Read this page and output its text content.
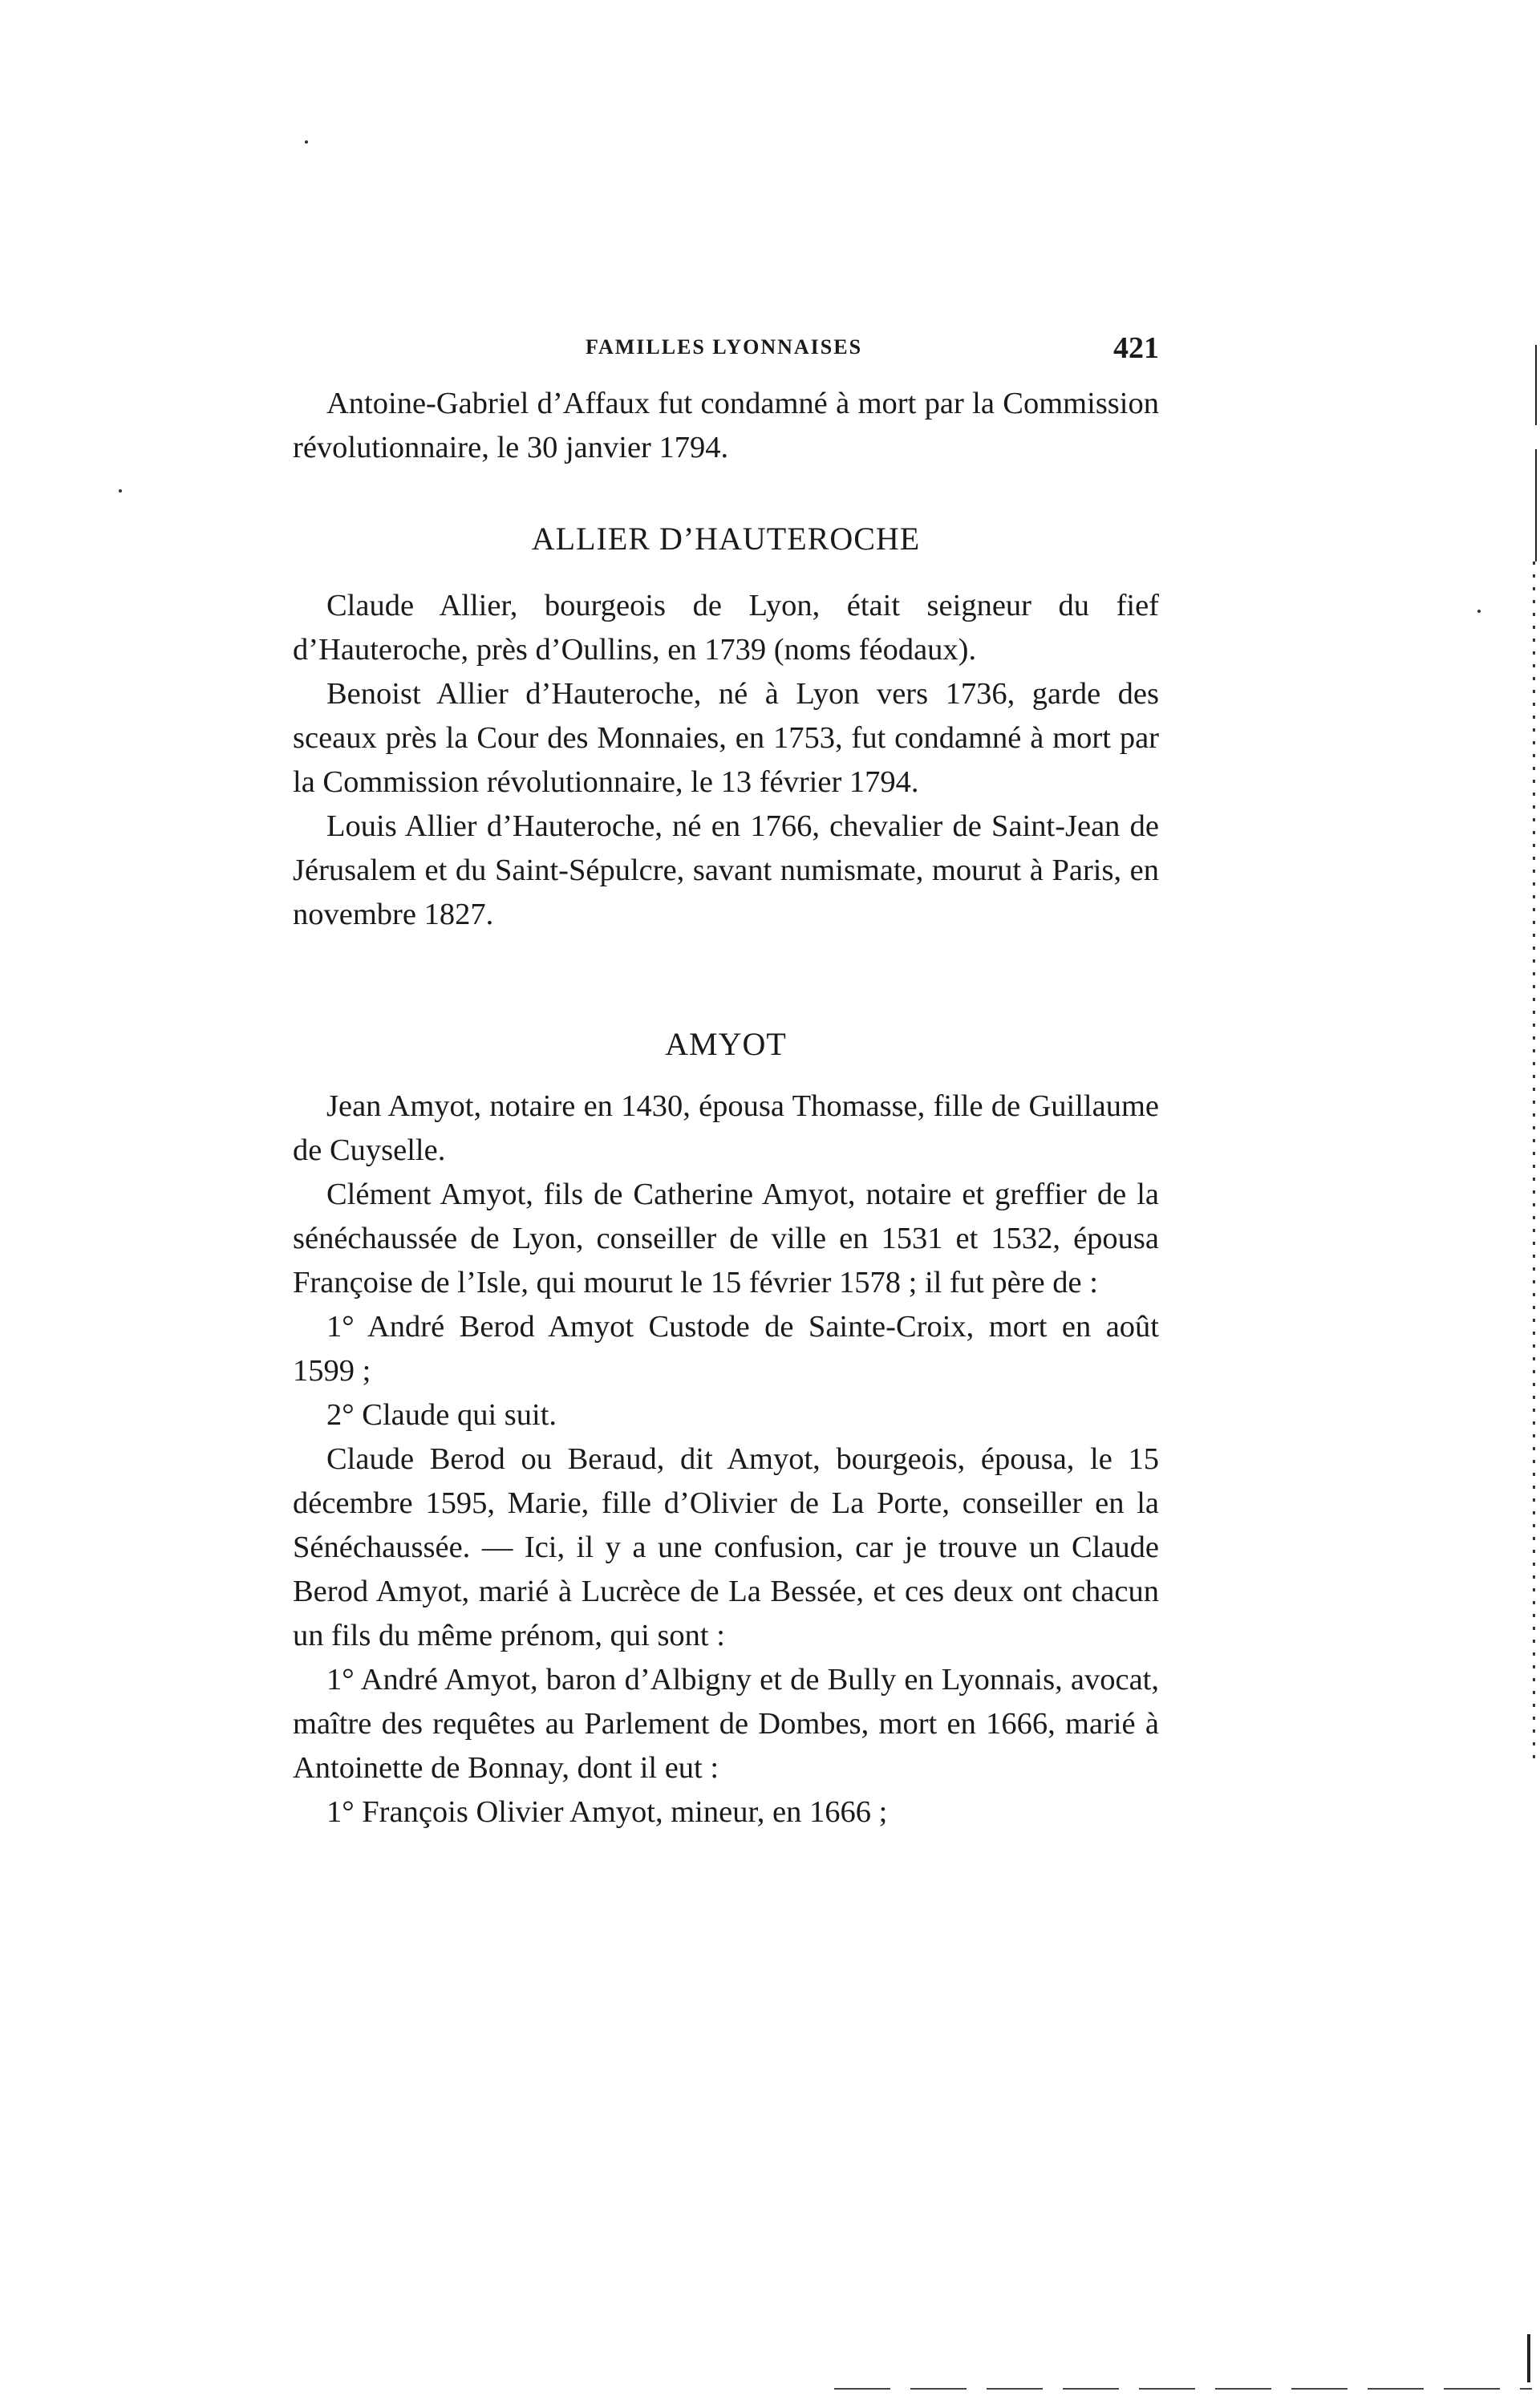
FAMILLES LYONNAISES	421

Antoine-Gabriel d’Affaux fut condamné à mort par la Commission révolutionnaire, le 30 janvier 1794.

ALLIER D’HAUTEROCHE

Claude Allier, bourgeois de Lyon, était seigneur du fief d’Hauteroche, près d’Oullins, en 1739 (noms féodaux).

Benoist Allier d’Hauteroche, né à Lyon vers 1736, garde des sceaux près la Cour des Monnaies, en 1753, fut condamné à mort par la Commission révolutionnaire, le 13 février 1794.

Louis Allier d’Hauteroche, né en 1766, chevalier de Saint-Jean de Jérusalem et du Saint-Sépulcre, savant numismate, mourut à Paris, en novembre 1827.

AMYOT

Jean Amyot, notaire en 1430, épousa Thomasse, fille de Guillaume de Cuyselle.

Clément Amyot, fils de Catherine Amyot, notaire et greffier de la sénéchaussée de Lyon, conseiller de ville en 1531 et 1532, épousa Françoise de l’Isle, qui mourut le 15 février 1578 ; il fut père de :

1° André Berod Amyot Custode de Sainte-Croix, mort en août 1599 ;

2° Claude qui suit.

Claude Berod ou Beraud, dit Amyot, bourgeois, épousa, le 15 décembre 1595, Marie, fille d’Olivier de La Porte, conseiller en la Sénéchaussée. — Ici, il y a une confusion, car je trouve un Claude Berod Amyot, marié à Lucrèce de La Bessée, et ces deux ont chacun un fils du même prénom, qui sont :

1° André Amyot, baron d’Albigny et de Bully en Lyonnais, avocat, maître des requêtes au Parlement de Dombes, mort en 1666, marié à Antoinette de Bonnay, dont il eut :

1° François Olivier Amyot, mineur, en 1666 ;
